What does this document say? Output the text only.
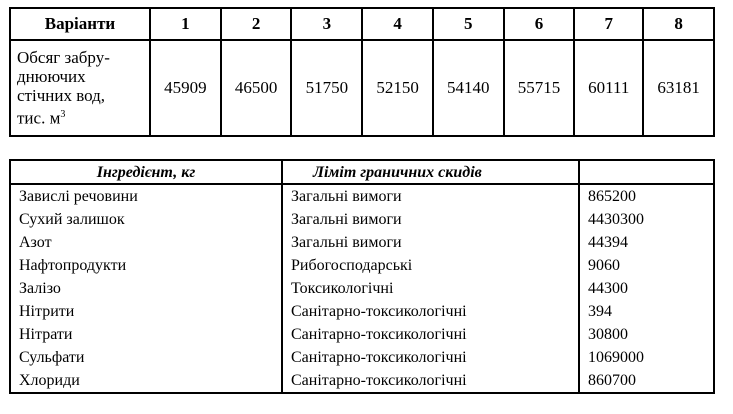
Варіанти	1	2	3	4	5	6	7	8

Обсяг забру-
днюючих
стічних вод,
тис. $м^3$	45909	46500	51750	52150	54140	55715	60111	63181
Інгредієнт, кг	Ліміт граничних скидів	
Завислі речовини	Загальні вимоги	865200
Сухий залишок	Загальні вимоги	4430300
Азот	Загальні вимоги	44394
Нафтопродукти	Рибогосподарські	9060
Залізо	Токсикологічні	44300
Нітрити	Санітарно-токсикологічні	394
Нітрати	Санітарно-токсикологічні	30800
Сульфати	Санітарно-токсикологічні	1069000
Хлориди	Санітарно-токсикологічні	860700
